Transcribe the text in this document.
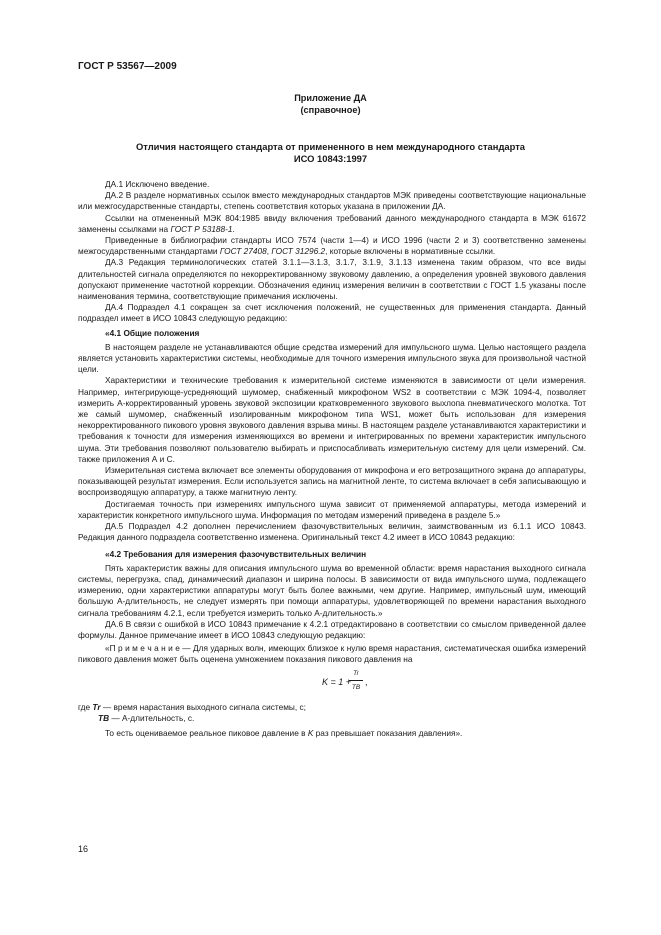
ГОСТ Р 53567—2009
Приложение ДА
(справочное)
Отличия настоящего стандарта от примененного в нем международного стандарта
ИСО 10843:1997

ДА.1 Исключено введение.

ДА.2 В разделе нормативных ссылок вместо международных стандартов МЭК приведены соответствующие национальные или межгосударственные стандарты, степень соответствия которых указана в приложении ДА.

Ссылки на отмененный МЭК 804:1985 ввиду включения требований данного международного стандарта в МЭК 61672 заменены ссылками на ГОСТ Р 53188-1.

Приведенные в библиографии стандарты ИСО 7574 (части 1—4) и ИСО 1996 (части 2 и 3) соответственно заменены межгосударственными стандартами ГОСТ 27408, ГОСТ 31296.2, которые включены в нормативные ссылки.

ДА.3 Редакция терминологических статей 3.1.1—3.1.3, 3.1.7, 3.1.9, 3.1.13 изменена таким образом, что все виды длительностей сигнала определяются по некорректированному звуковому давлению, а определения уровней звукового давления допускают применение частотной коррекции. Обозначения единиц измерения величин в соответствии с ГОСТ 1.5 указаны после наименования термина, соответствующие примечания исключены.

ДА.4 Подраздел 4.1 сокращен за счет исключения положений, не существенных для применения стандарта. Данный подраздел имеет в ИСО 10843 следующую редакцию:

«4.1 Общие положения

В настоящем разделе не устанавливаются общие средства измерений для импульсного шума. Целью настоящего раздела является установить характеристики системы, необходимые для точного измерения импульсного звука для произвольной частной цели.

Характеристики и технические требования к измерительной системе изменяются в зависимости от цели измерения. Например, интегрирующе-усредняющий шумомер, снабженный микрофоном WS2 в соответствии с МЭК 1094-4, позволяет измерить А-корректированный уровень звуковой экспозиции кратковременного звукового выхлопа пневматического молотка. Тот же самый шумомер, снабженный изолированным микрофоном типа WS1, может быть использован для измерения некорректированного пикового уровня звукового давления взрыва мины. В настоящем разделе устанавливаются характеристики и требования к точности для измерения изменяющихся во времени и интегрированных по времени характеристик импульсного шума. Эти требования позволяют пользователю выбирать и приспосабливать измерительную систему для цели измерений. См. также приложения А и С.

Измерительная система включает все элементы оборудования от микрофона и его ветрозащитного экрана до аппаратуры, показывающей результат измерения. Если используется запись на магнитной ленте, то система включает в себя записывающую и воспроизводящую аппаратуру, а также магнитную ленту.

Достигаемая точность при измерениях импульсного шума зависит от применяемой аппаратуры, метода измерений и характеристик конкретного импульсного шума. Информация по методам измерений приведена в разделе 5.»

ДА.5 Подраздел 4.2 дополнен перечислением фазочувствительных величин, заимствованным из 6.1.1 ИСО 10843. Редакция данного подраздела соответственно изменена. Оригинальный текст 4.2 имеет в ИСО 10843 редакцию:

«4.2 Требования для измерения фазочувствительных величин

Пять характеристик важны для описания импульсного шума во временной области: время нарастания выходного сигнала системы, перегрузка, спад, динамический диапазон и ширина полосы. В зависимости от вида импульсного шума, подлежащего измерению, одни характеристики аппаратуры могут быть более важными, чем другие. Например, импульсный шум, имеющий большую А-длительность, не следует измерять при помощи аппаратуры, удовлетворяющей по времени нарастания выходного сигнала требованиям 4.2.1, если требуется измерить только А-длительность.»

ДА.6 В связи с ошибкой в ИСО 10843 примечание к 4.2.1 отредактировано в соответствии со смыслом приведенной далее формулы. Данное примечание имеет в ИСО 10843 следующую редакцию:

«П р и м е ч а н и е — Для ударных волн, имеющих близкое к нулю время нарастания, систематическая ошибка измерений пикового давления может быть оценена умножением показания пикового давления на

K = 1 +
$\frac{Tr}{TB}$ ,
где Tr — время нарастания выходного сигнала системы, с;
TB — А-длительность, с.

То есть оцениваемое реальное пиковое давление в K раз превышает показания давления».

16
